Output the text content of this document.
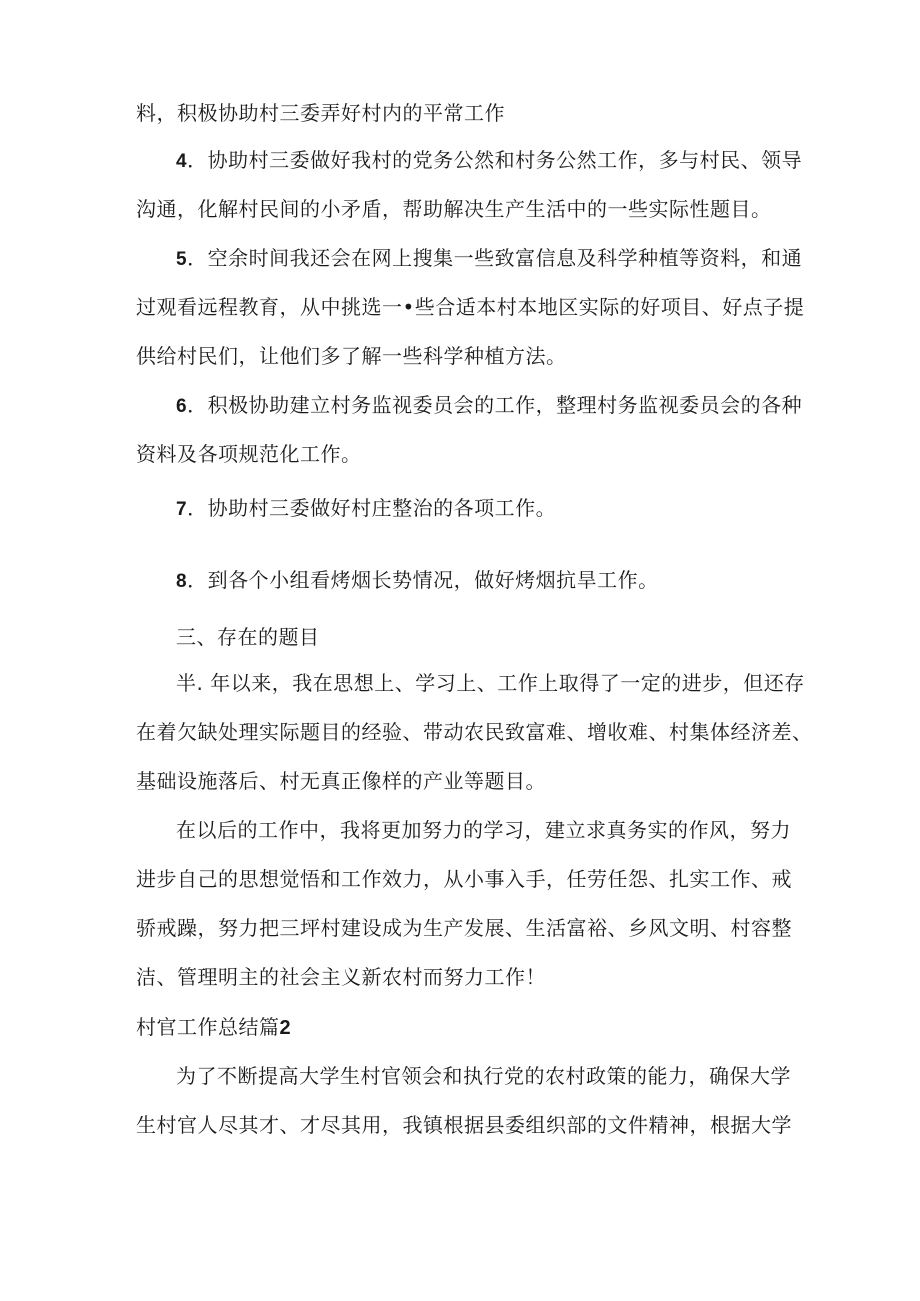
料，积极协助村三委弄好村内的平常工作
4．协助村三委做好我村的党务公然和村务公然工作，多与村民、领导
沟通，化解村民间的小矛盾，帮助解决生产生活中的一些实际性题目。
5．空余时间我还会在网上搜集一些致富信息及科学种植等资料，和通
过观看远程教育，从中挑选一•些合适本村本地区实际的好项目、好点子提
供给村民们，让他们多了解一些科学种植方法。
6．积极协助建立村务监视委员会的工作，整理村务监视委员会的各种
资料及各项规范化工作。
7．协助村三委做好村庄整治的各项工作。
8．到各个小组看烤烟长势情况，做好烤烟抗旱工作。
三、存在的题目
半. 年以来，我在思想上、学习上、工作上取得了一定的进步，但还存
在着欠缺处理实际题目的经验、带动农民致富难、增收难、村集体经济差、
基础设施落后、村无真正像样的产业等题目。
在以后的工作中，我将更加努力的学习，建立求真务实的作风，努力
进步自己的思想觉悟和工作效力，从小事入手，任劳任怨、扎实工作、戒
骄戒躁，努力把三坪村建设成为生产发展、生活富裕、乡风文明、村容整
洁、管理明主的社会主义新农村而努力工作！
村官工作总结篇2
为了不断提高大学生村官领会和执行党的农村政策的能力，确保大学
生村官人尽其才、才尽其用，我镇根据县委组织部的文件精神，根据大学
